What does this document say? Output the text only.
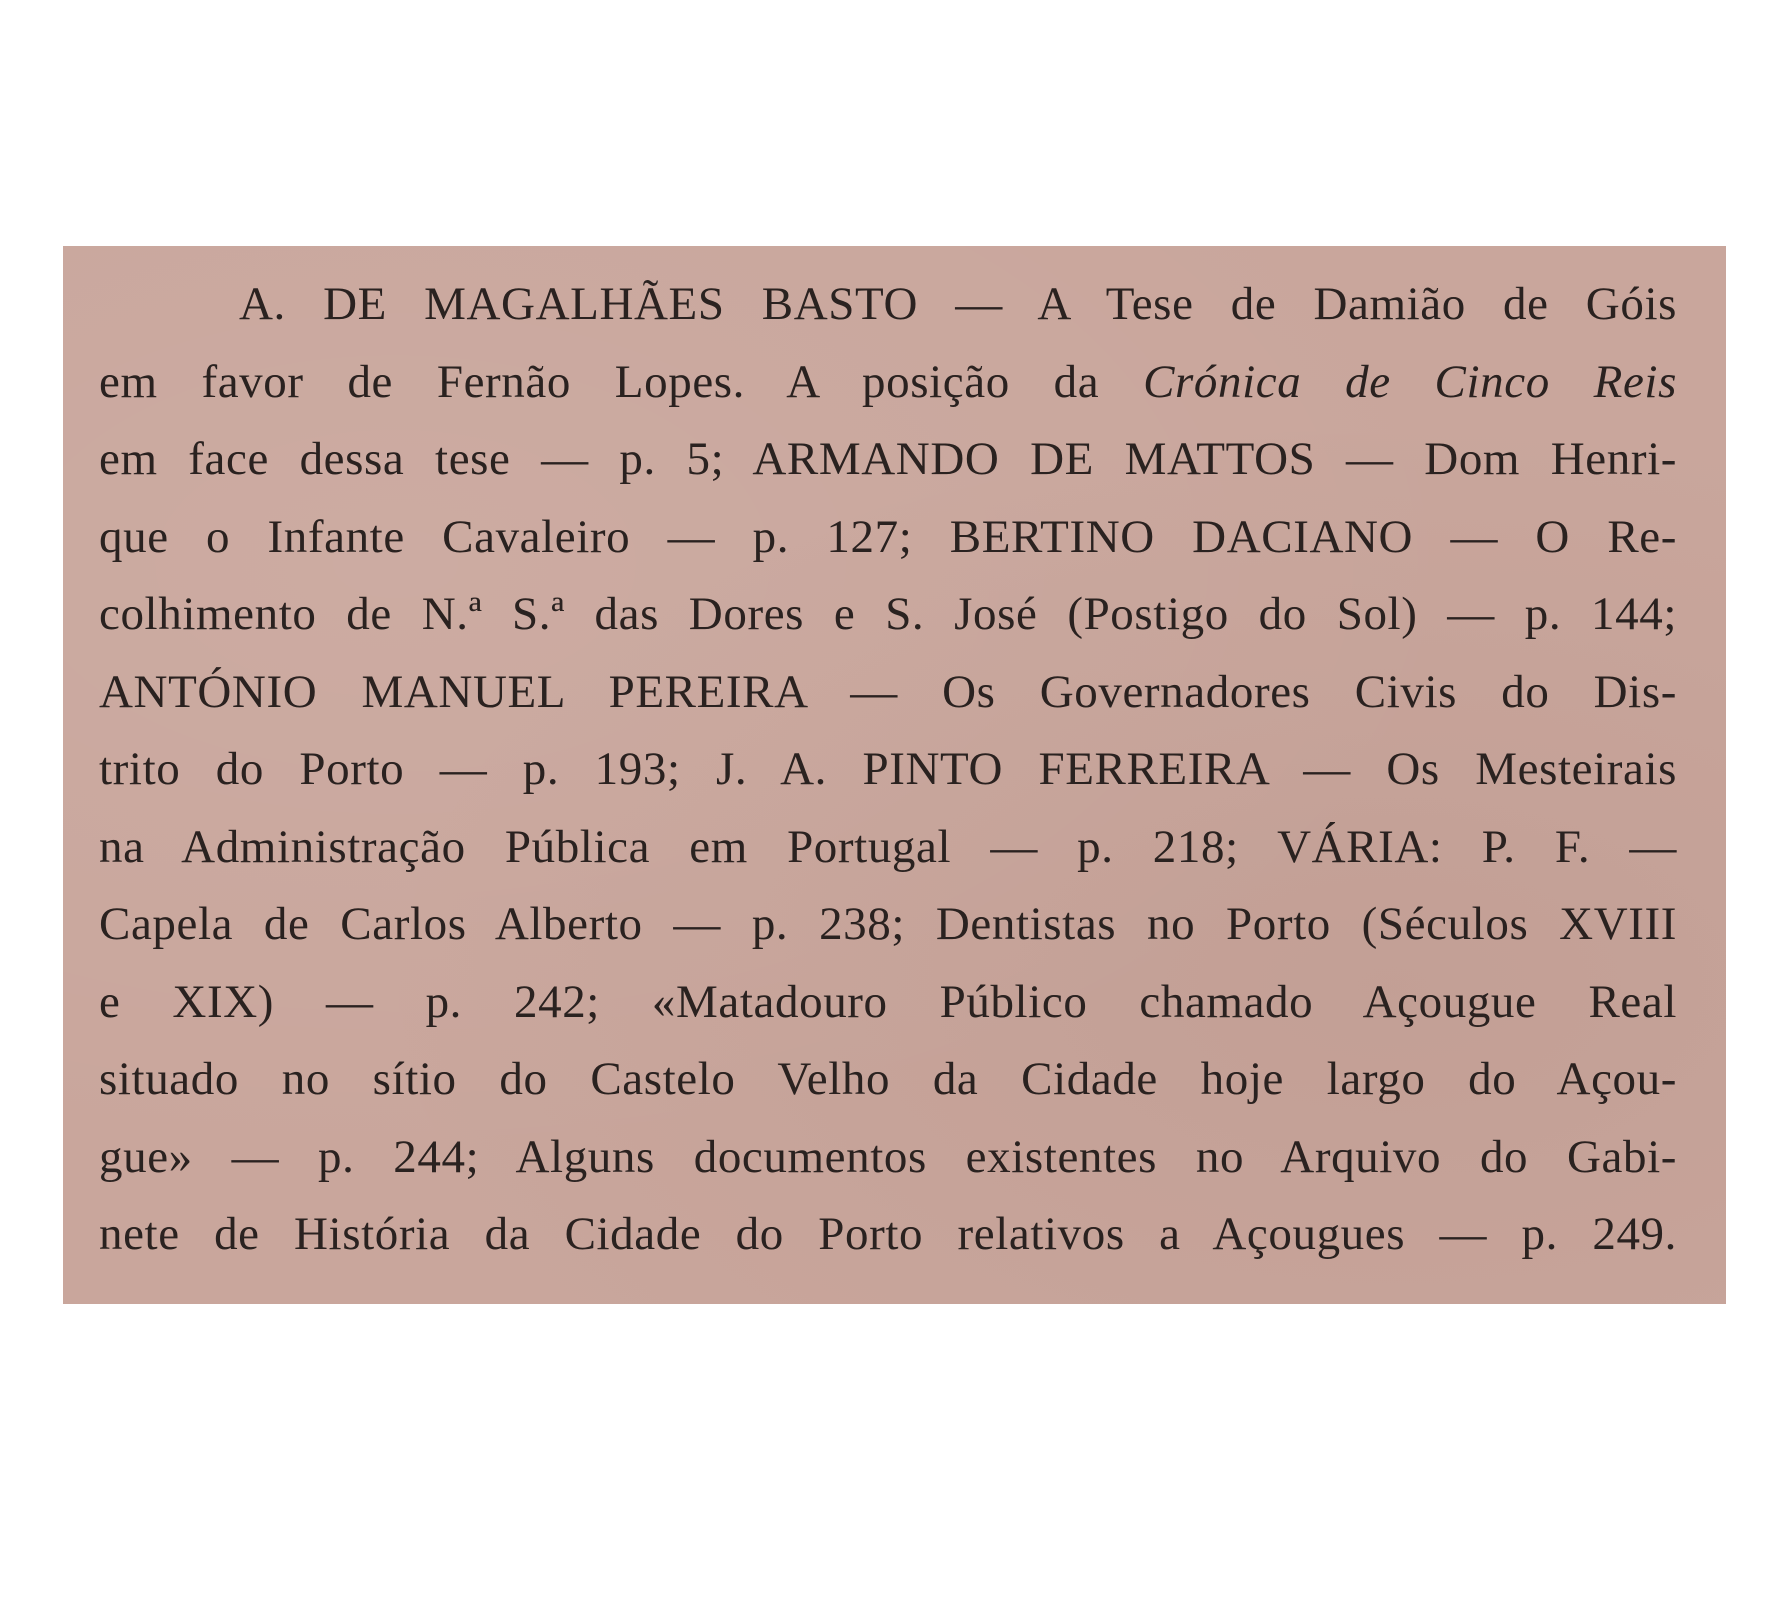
A. DE MAGALHÃES BASTO — A Tese de Damião de Góis
em favor de Fernão Lopes. A posição da Crónica de Cinco Reis
em face dessa tese — p. 5; ARMANDO DE MATTOS — Dom Henri-
que o Infante Cavaleiro — p. 127; BERTINO DACIANO — O Re-
colhimento de N.ª S.ª das Dores e S. José (Postigo do Sol) — p. 144;
ANTÓNIO MANUEL PEREIRA — Os Governadores Civis do Dis-
trito do Porto — p. 193; J. A. PINTO FERREIRA — Os Mesteirais
na Administração Pública em Portugal — p. 218; VÁRIA: P. F. —
Capela de Carlos Alberto — p. 238; Dentistas no Porto (Séculos XVIII
e XIX) — p. 242; «Matadouro Público chamado Açougue Real
situado no sítio do Castelo Velho da Cidade hoje largo do Açou-
gue» — p. 244; Alguns documentos existentes no Arquivo do Gabi-
nete de História da Cidade do Porto relativos a Açougues — p. 249.
